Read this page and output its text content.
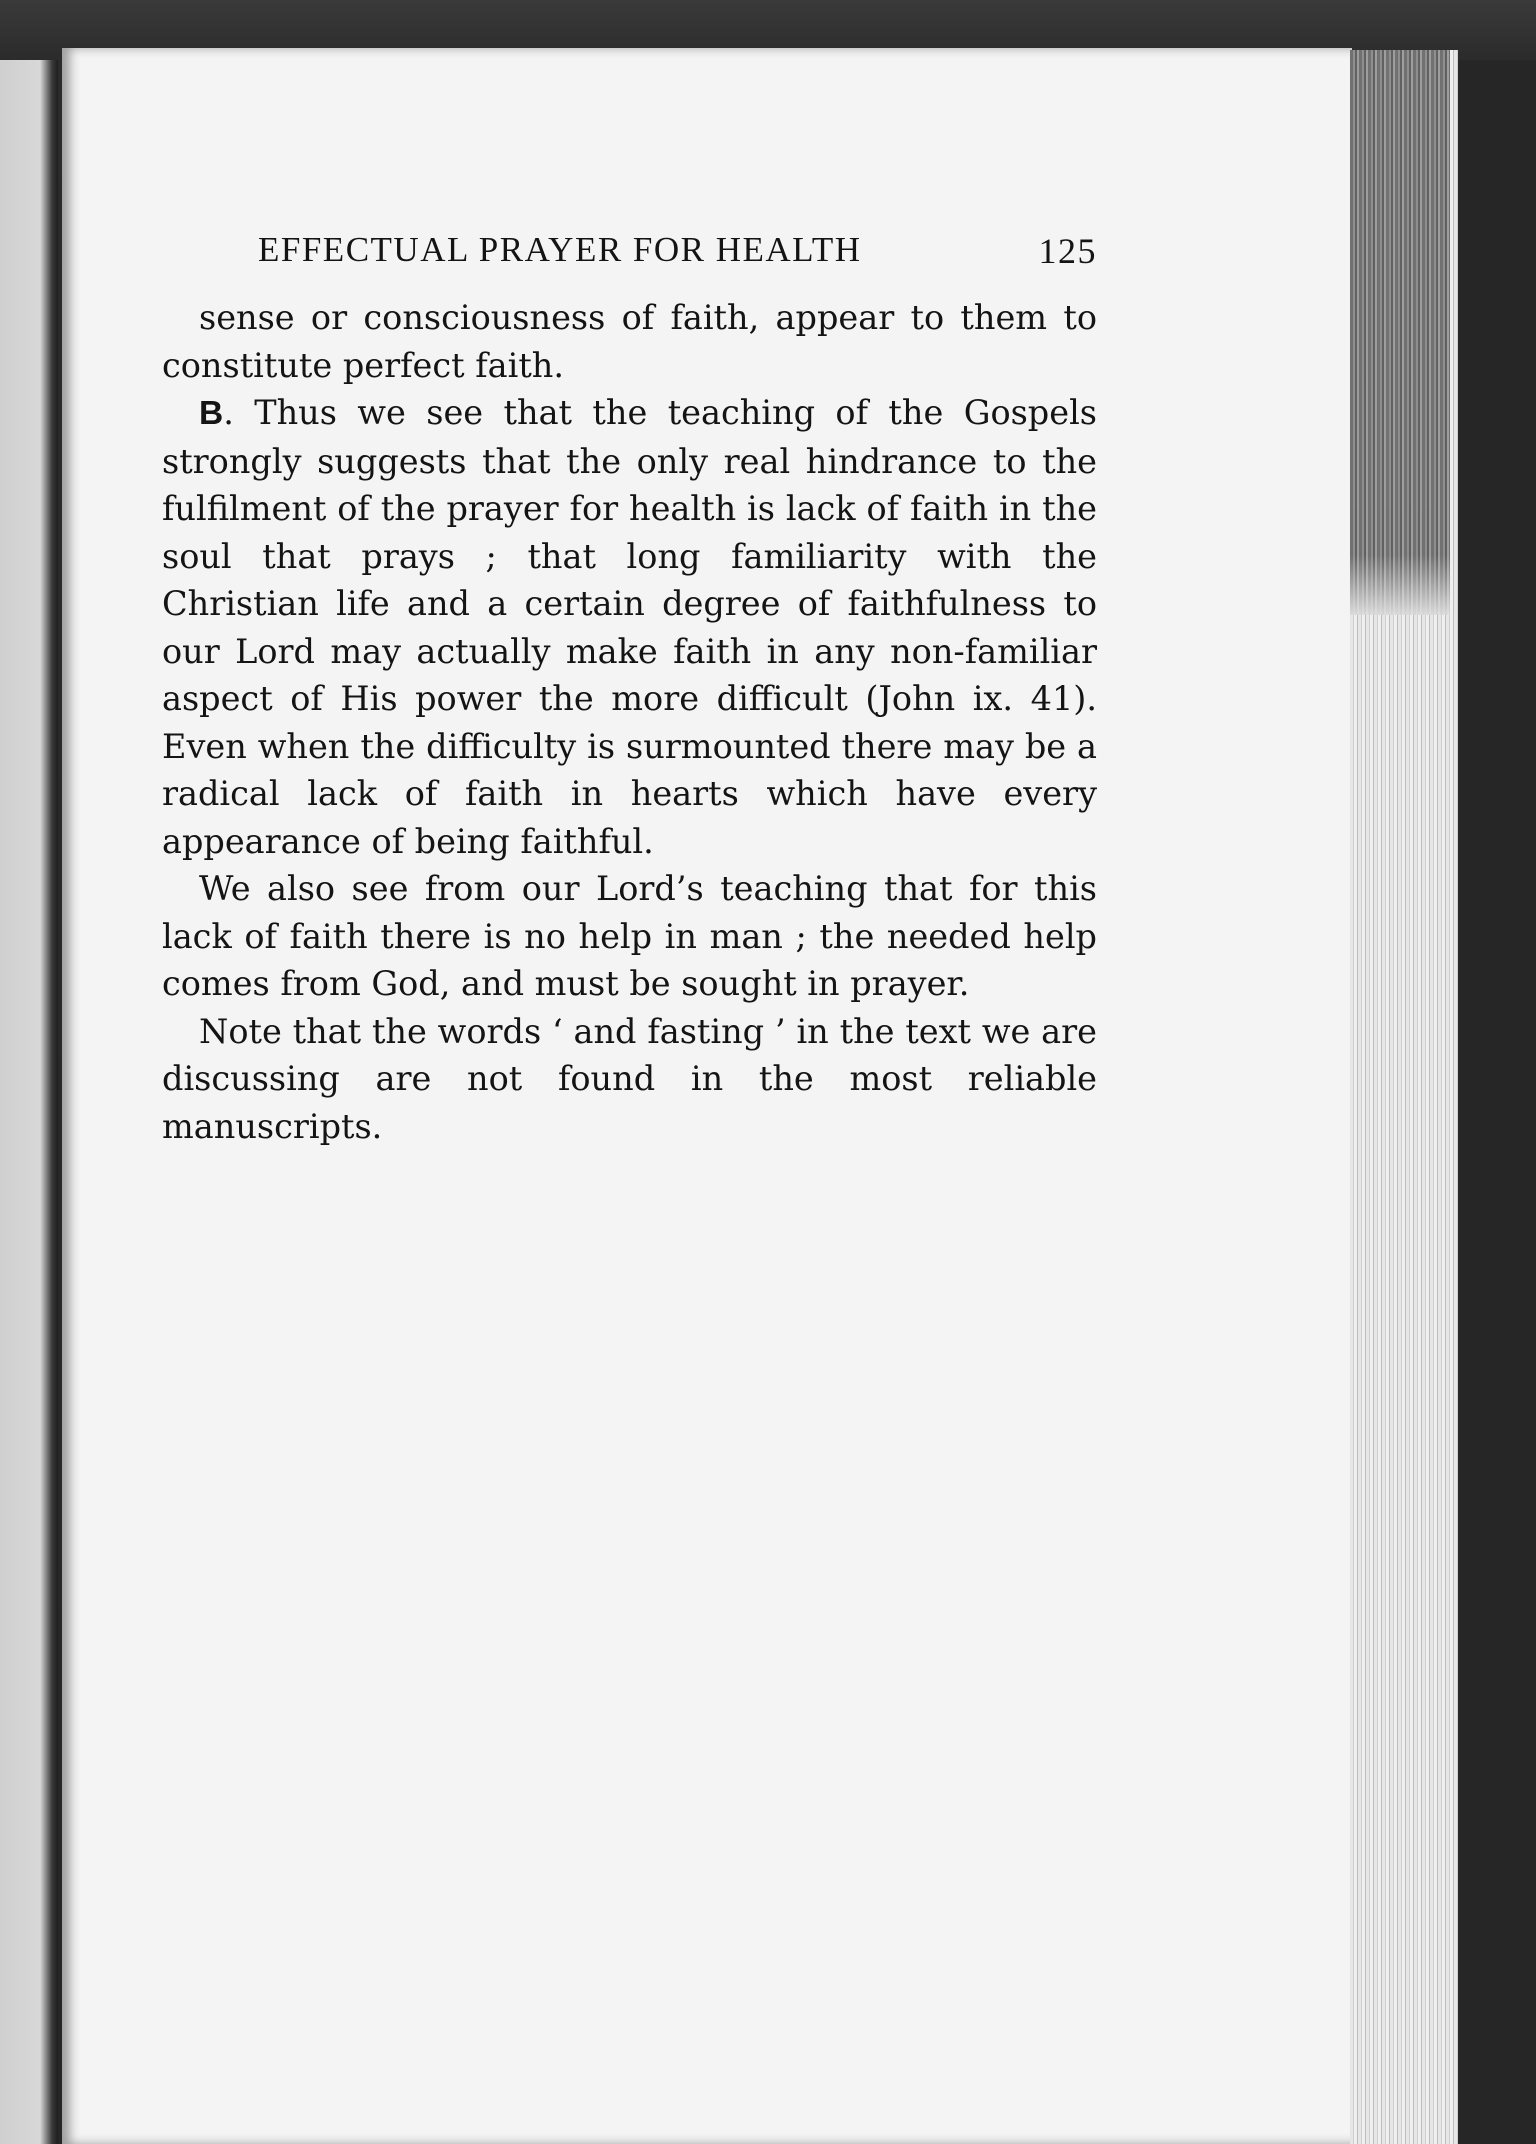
EFFECTUAL PRAYER FOR HEALTH	125

sense or consciousness of faith, appear to them to constitute perfect faith.

B. Thus we see that the teaching of the Gospels strongly suggests that the only real hindrance to the fulfilment of the prayer for health is lack of faith in the soul that prays ; that long familiarity with the Christian life and a certain degree of faithfulness to our Lord may actually make faith in any non-familiar aspect of His power the more difficult (John ix. 41). Even when the difficulty is surmounted there may be a radical lack of faith in hearts which have every appearance of being faithful.

We also see from our Lord’s teaching that for this lack of faith there is no help in man ; the needed help comes from God, and must be sought in prayer.

Note that the words ‘ and fasting ’ in the text we are discussing are not found in the most reliable manuscripts.
